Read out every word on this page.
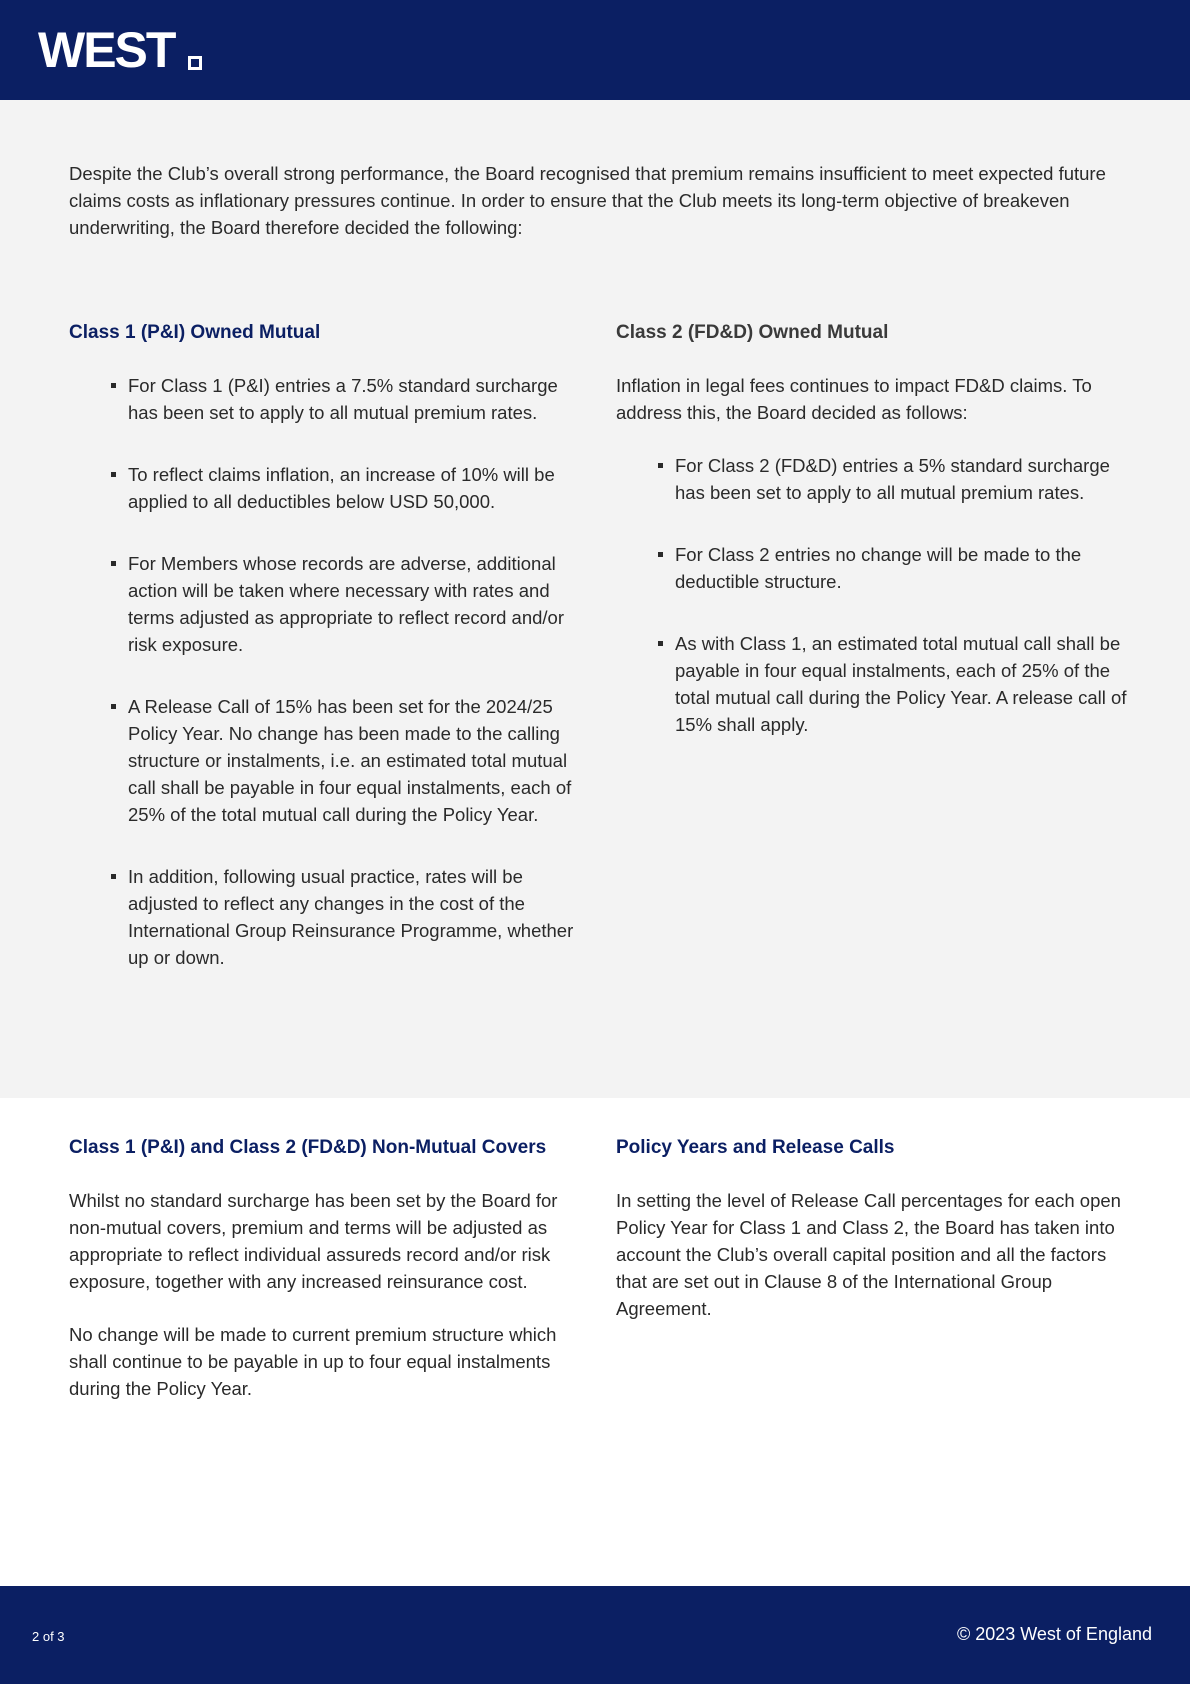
WEST

Despite the Club’s overall strong performance, the Board recognised that premium remains insufficient to meet expected future claims costs as inflationary pressures continue. In order to ensure that the Club meets its long-term objective of breakeven underwriting, the Board therefore decided the following:

Class 1 (P&I) Owned Mutual
For Class 1 (P&I) entries a 7.5% standard surcharge has been set to apply to all mutual premium rates.
To reflect claims inflation, an increase of 10% will be applied to all deductibles below USD 50,000.
For Members whose records are adverse, additional action will be taken where necessary with rates and terms adjusted as appropriate to reflect record and/or risk exposure.
A Release Call of 15% has been set for the 2024/25 Policy Year. No change has been made to the calling structure or instalments, i.e. an estimated total mutual call shall be payable in four equal instalments, each of 25% of the total mutual call during the Policy Year.
In addition, following usual practice, rates will be adjusted to reflect any changes in the cost of the International Group Reinsurance Programme, whether up or down.
Class 2 (FD&D) Owned Mutual

Inflation in legal fees continues to impact FD&D claims. To address this, the Board decided as follows:

For Class 2 (FD&D) entries a 5% standard surcharge has been set to apply to all mutual premium rates.
For Class 2 entries no change will be made to the deductible structure.
As with Class 1, an estimated total mutual call shall be payable in four equal instalments, each of 25% of the total mutual call during the Policy Year. A release call of 15% shall apply.
Class 1 (P&I) and Class 2 (FD&D) Non-Mutual Covers

Whilst no standard surcharge has been set by the Board for non-mutual covers, premium and terms will be adjusted as appropriate to reflect individual assureds record and/or risk exposure, together with any increased reinsurance cost.

No change will be made to current premium structure which shall continue to be payable in up to four equal instalments during the Policy Year.

Policy Years and Release Calls

In setting the level of Release Call percentages for each open Policy Year for Class 1 and Class 2, the Board has taken into account the Club’s overall capital position and all the factors that are set out in Clause 8 of the International Group Agreement.

2 of 3	© 2023 West of England
